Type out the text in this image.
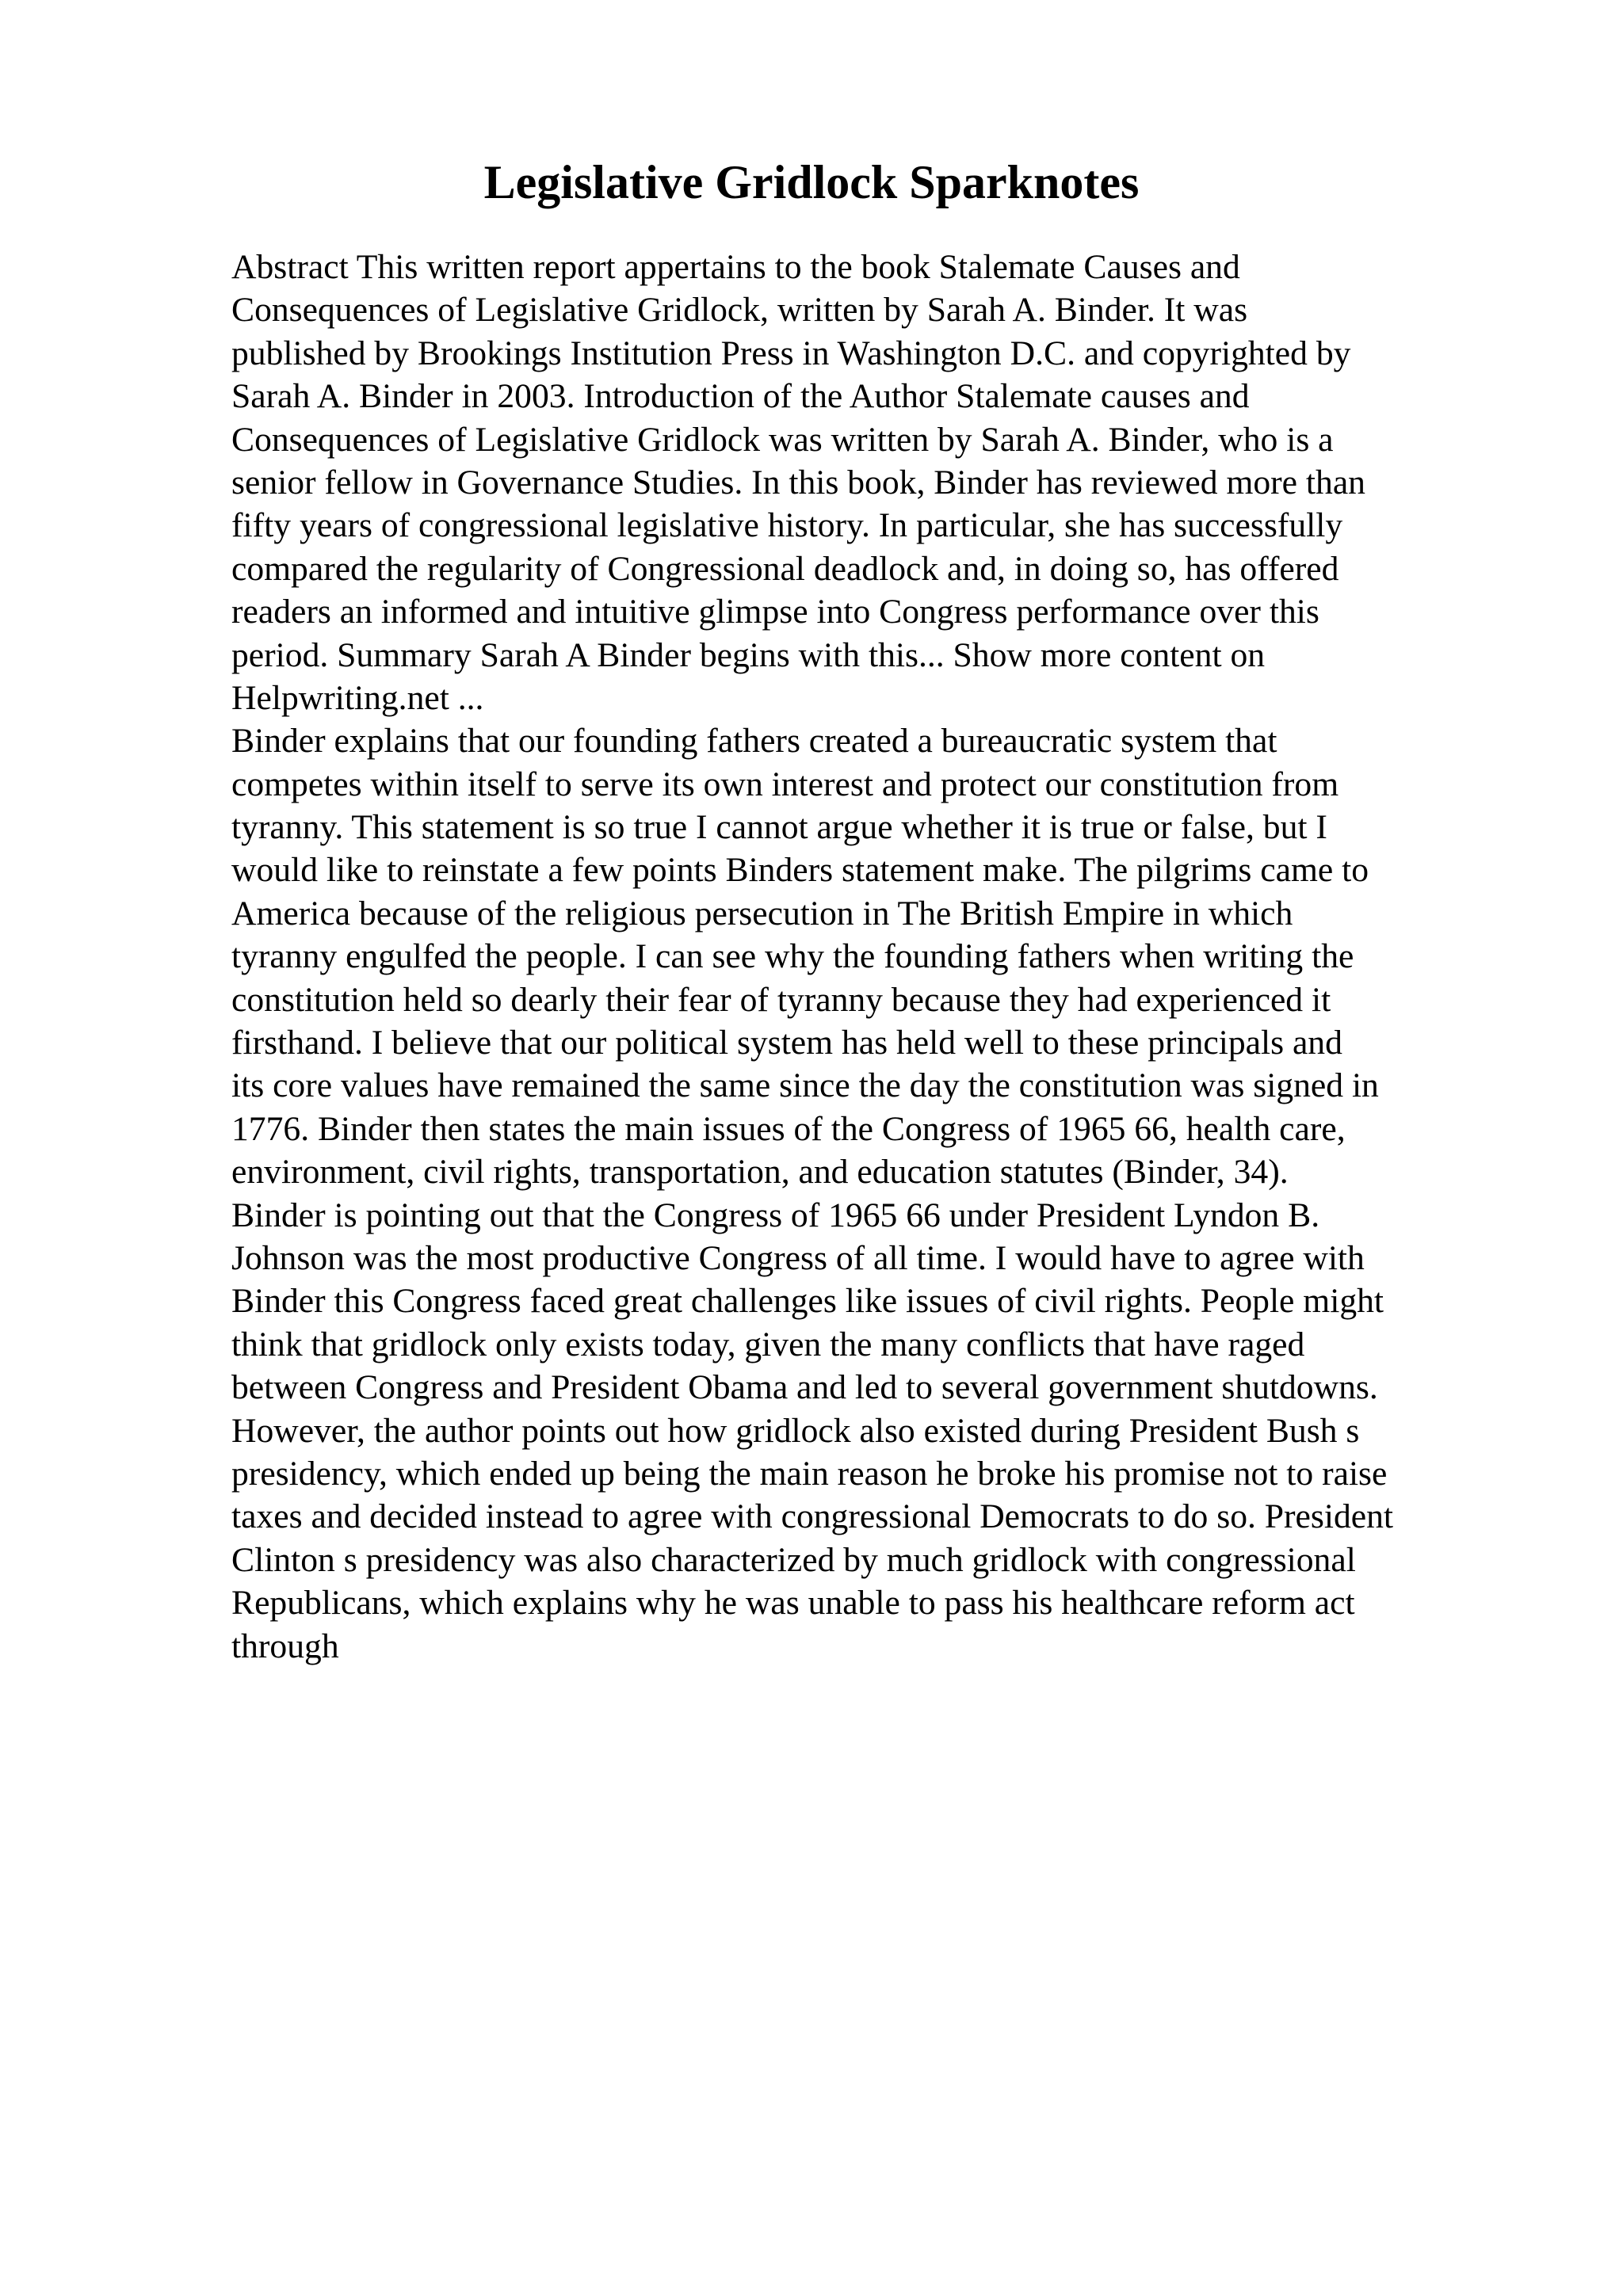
Legislative Gridlock Sparknotes
Abstract This written report appertains to the book Stalemate Causes and
Consequences of Legislative Gridlock, written by Sarah A. Binder. It was
published by Brookings Institution Press in Washington D.C. and copyrighted by
Sarah A. Binder in 2003. Introduction of the Author Stalemate causes and
Consequences of Legislative Gridlock was written by Sarah A. Binder, who is a
senior fellow in Governance Studies. In this book, Binder has reviewed more than
fifty years of congressional legislative history. In particular, she has successfully
compared the regularity of Congressional deadlock and, in doing so, has offered
readers an informed and intuitive glimpse into Congress performance over this
period. Summary Sarah A Binder begins with this... Show more content on
Helpwriting.net ...
Binder explains that our founding fathers created a bureaucratic system that
competes within itself to serve its own interest and protect our constitution from
tyranny. This statement is so true I cannot argue whether it is true or false, but I
would like to reinstate a few points Binders statement make. The pilgrims came to
America because of the religious persecution in The British Empire in which
tyranny engulfed the people. I can see why the founding fathers when writing the
constitution held so dearly their fear of tyranny because they had experienced it
firsthand. I believe that our political system has held well to these principals and
its core values have remained the same since the day the constitution was signed in
1776. Binder then states the main issues of the Congress of 1965 66, health care,
environment, civil rights, transportation, and education statutes (Binder, 34).
Binder is pointing out that the Congress of 1965 66 under President Lyndon B.
Johnson was the most productive Congress of all time. I would have to agree with
Binder this Congress faced great challenges like issues of civil rights. People might
think that gridlock only exists today, given the many conflicts that have raged
between Congress and President Obama and led to several government shutdowns.
However, the author points out how gridlock also existed during President Bush s
presidency, which ended up being the main reason he broke his promise not to raise
taxes and decided instead to agree with congressional Democrats to do so. President
Clinton s presidency was also characterized by much gridlock with congressional
Republicans, which explains why he was unable to pass his healthcare reform act
through
